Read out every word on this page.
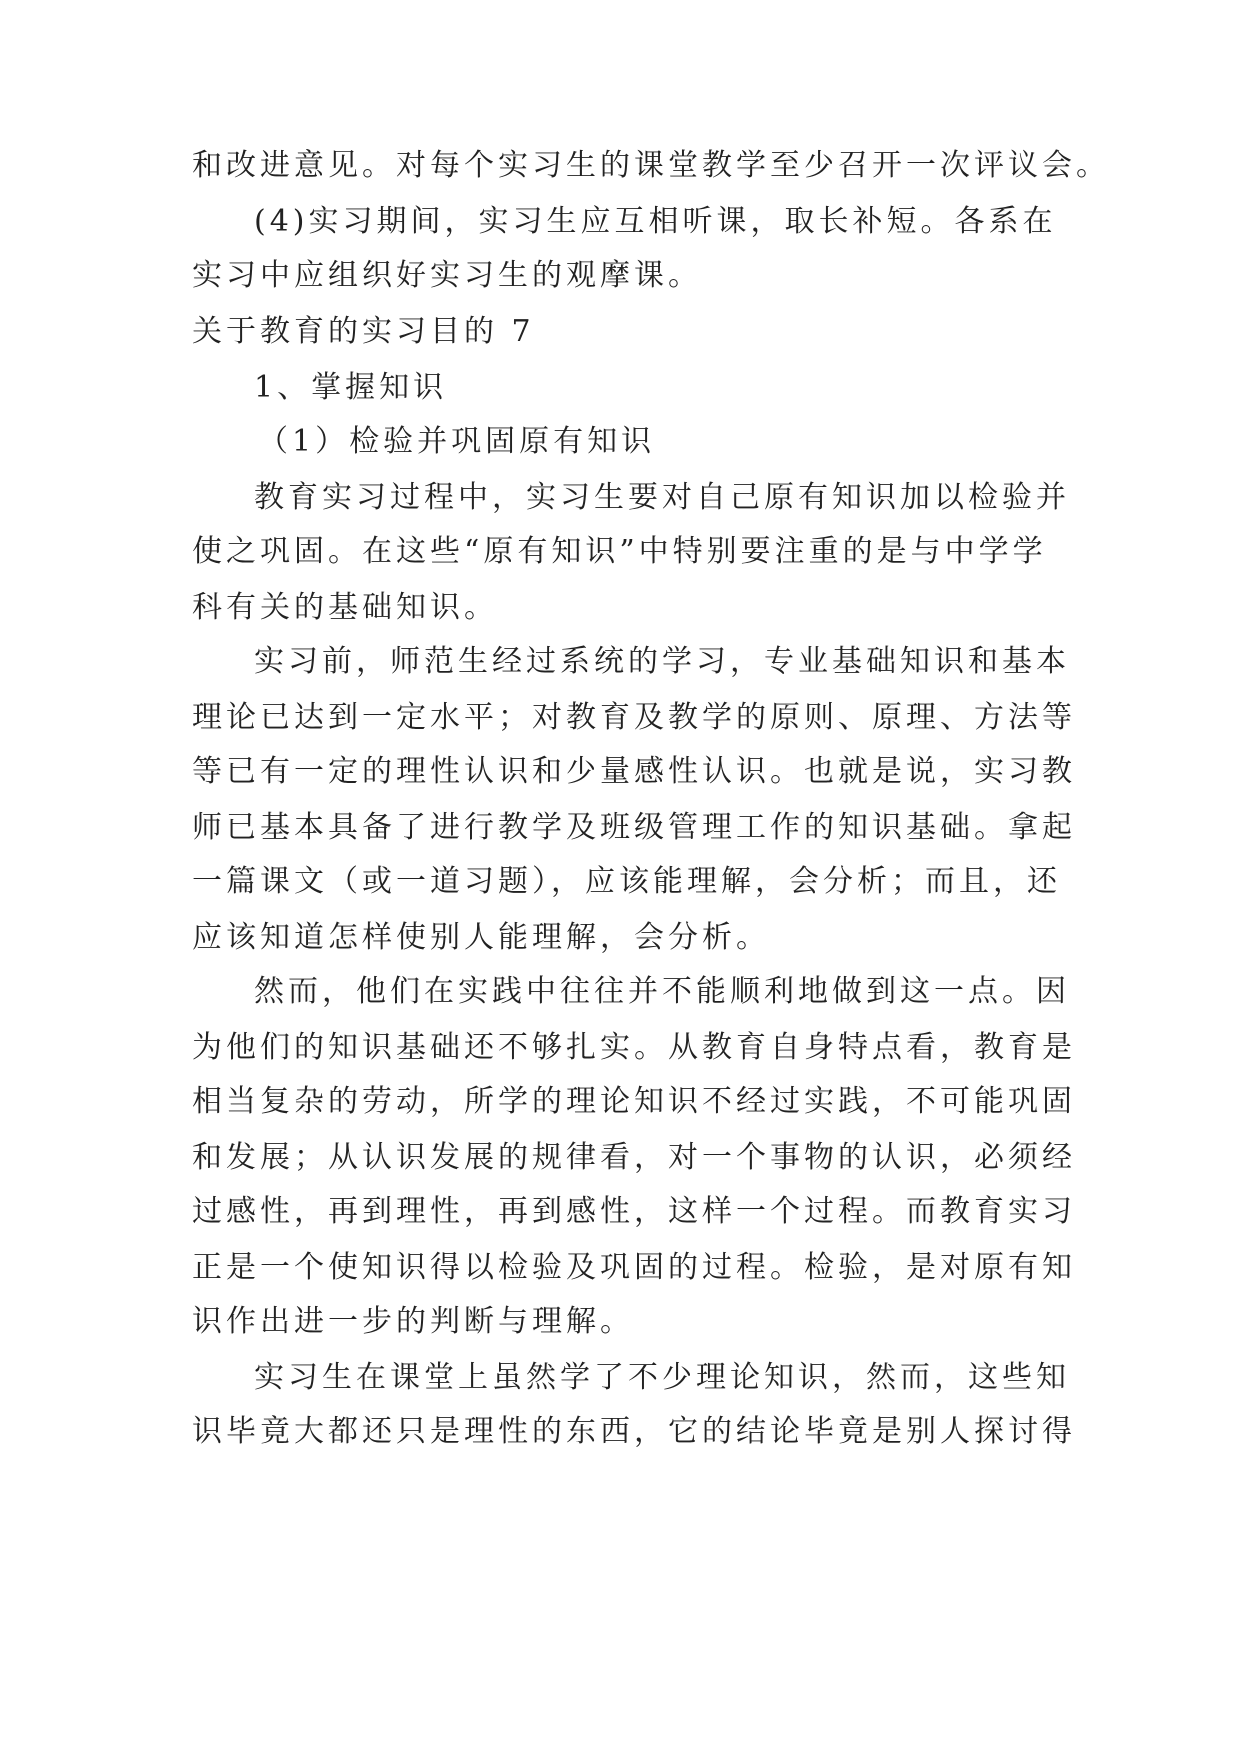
和改进意见。对每个实习生的课堂教学至少召开一次评议会。
(4)实习期间，实习生应互相听课，取长补短。各系在
实习中应组织好实习生的观摩课。
关于教育的实习目的 7
1、掌握知识
（1）检验并巩固原有知识
教育实习过程中，实习生要对自己原有知识加以检验并
使之巩固。在这些“原有知识”中特别要注重的是与中学学
科有关的基础知识。
实习前，师范生经过系统的学习，专业基础知识和基本
理论已达到一定水平；对教育及教学的原则、原理、方法等
等已有一定的理性认识和少量感性认识。也就是说，实习教
师已基本具备了进行教学及班级管理工作的知识基础。拿起
一篇课文（或一道习题），应该能理解，会分析；而且，还
应该知道怎样使别人能理解，会分析。
然而，他们在实践中往往并不能顺利地做到这一点。因
为他们的知识基础还不够扎实。从教育自身特点看，教育是
相当复杂的劳动，所学的理论知识不经过实践，不可能巩固
和发展；从认识发展的规律看，对一个事物的认识，必须经
过感性，再到理性，再到感性，这样一个过程。而教育实习
正是一个使知识得以检验及巩固的过程。检验，是对原有知
识作出进一步的判断与理解。
实习生在课堂上虽然学了不少理论知识，然而，这些知
识毕竟大都还只是理性的东西，它的结论毕竟是别人探讨得
